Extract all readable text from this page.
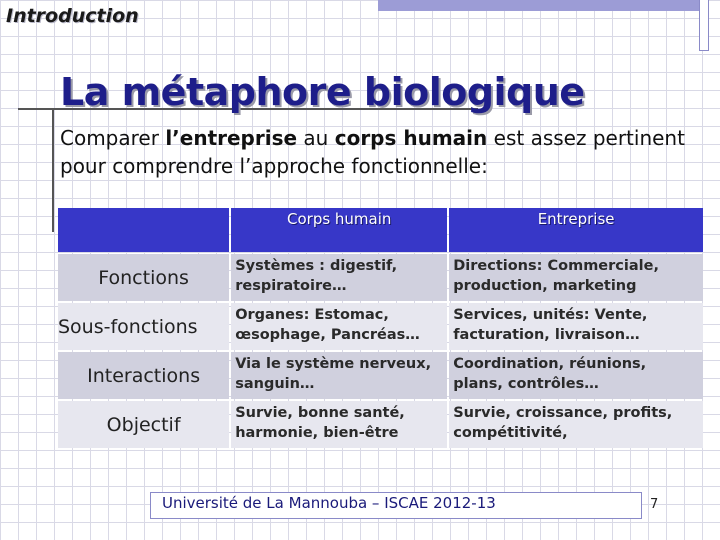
Introduction

La métaphore biologique

Comparer l’entreprise au corps humain est assez pertinent pour comprendre l’approche fonctionnelle:

	Corps humain	Entreprise
Fonctions	Systèmes : digestif, respiratoire…	Directions: Commerciale, production, marketing
Sous-fonctions	Organes: Estomac, œsophage, Pancréas…	Services, unités: Vente, facturation, livraison…
Interactions	Via le système nerveux, sanguin…	Coordination, réunions, plans, contrôles…
Objectif	Survie, bonne santé, harmonie, bien-être	Survie, croissance, profits, compétitivité,

Université de La Mannouba – ISCAE 2012-13	7
